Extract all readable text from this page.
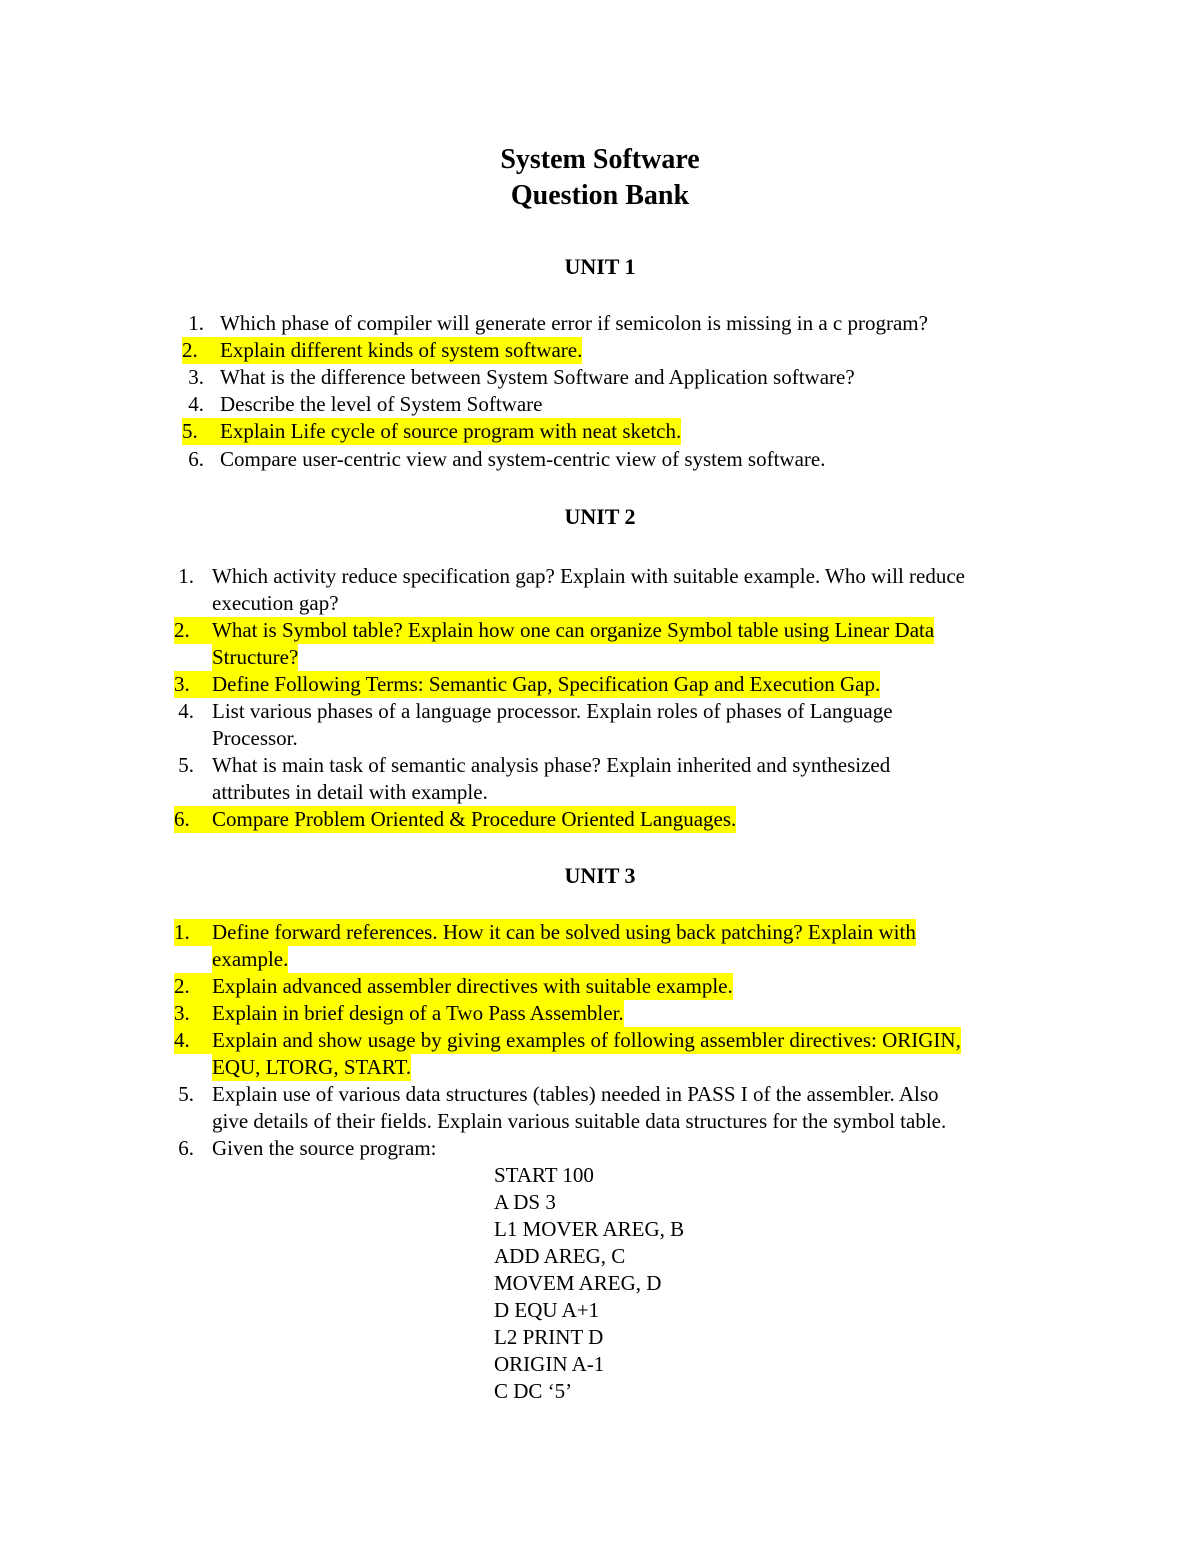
System Software
Question Bank
UNIT 1
1. Which phase of compiler will generate error if semicolon is missing in a c program?
2.	Explain different kinds of system software.
3. What is the difference between System Software and Application software?
4. Describe the level of System Software
5.	Explain Life cycle of source program with neat sketch.
6. Compare user-centric view and system-centric view of system software.
UNIT 2
1. Which activity reduce specification gap? Explain with suitable example. Who will reduce
execution gap?
2.	What is Symbol table? Explain how one can organize Symbol table using Linear Data
Structure?
3.	Define Following Terms: Semantic Gap, Specification Gap and Execution Gap.
4. List various phases of a language processor. Explain roles of phases of Language
Processor.
5. What is main task of semantic analysis phase? Explain inherited and synthesized
attributes in detail with example.
6.	Compare Problem Oriented & Procedure Oriented Languages.
UNIT 3
1.	Define forward references. How it can be solved using back patching? Explain with
example.
2.	Explain advanced assembler directives with suitable example.
3.	Explain in brief design of a Two Pass Assembler.
4.	Explain and show usage by giving examples of following assembler directives: ORIGIN,
EQU, LTORG, START.
5. Explain use of various data structures (tables) needed in PASS I of the assembler. Also
give details of their fields. Explain various suitable data structures for the symbol table.
6. Given the source program:
START 100
A DS 3
L1 MOVER AREG, B
ADD AREG, C
MOVEM AREG, D
D EQU A+1
L2 PRINT D
ORIGIN A-1
C DC ‘5’
